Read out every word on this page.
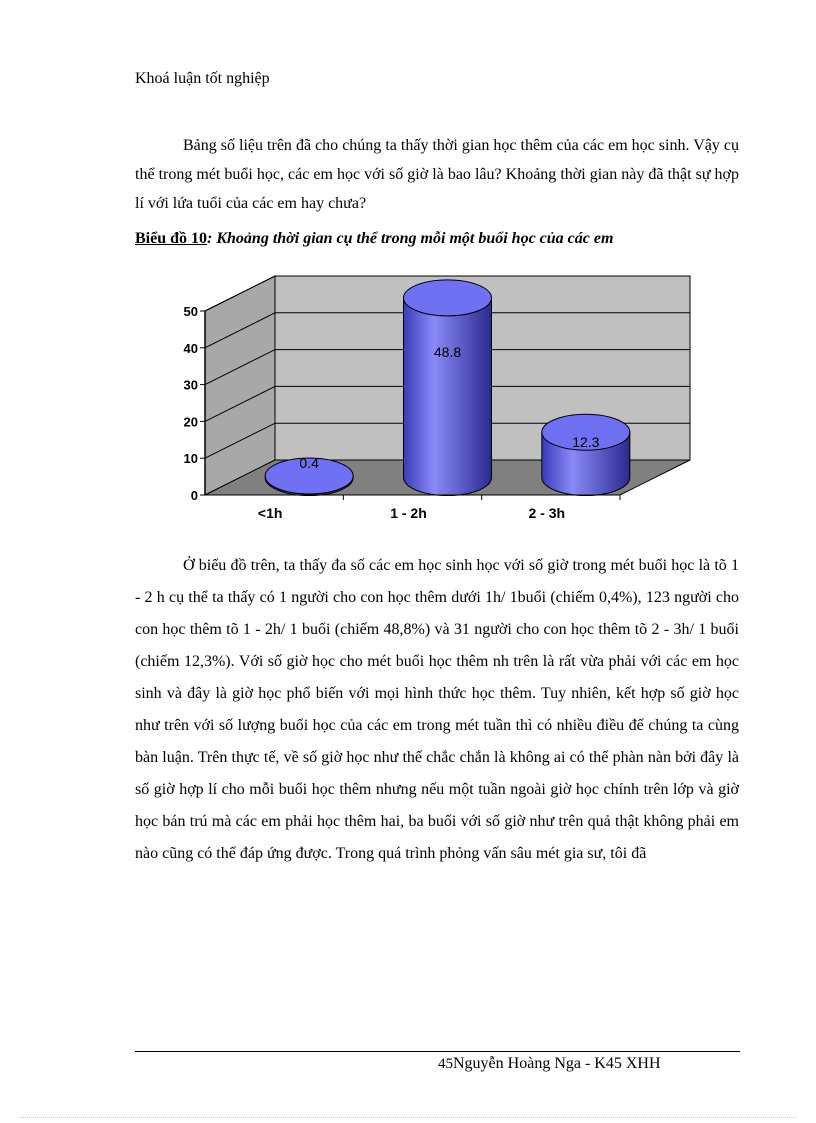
Khoá luận tốt nghiệp

Bảng số liệu trên đã cho chúng ta thấy thời gian học thêm của các em học sinh. Vậy cụ thể trong mét buổi học, các em học với số giờ là bao lâu? Khoảng thời gian này đã thật sự hợp lí với lứa tuổi của các em hay chưa?

Biểu đồ 10: Khoảng thời gian cụ thể trong mỗi một buổi học của các em
0.4
48.8
12.3
0
10
20
30
40
50
<1h	1 - 2h	2 - 3h

Ở biểu đồ trên, ta thấy đa số các em học sinh học với số giờ trong mét buổi học là tõ 1 - 2 h cụ thể ta thấy có 1 người cho con học thêm dưới 1h/ 1buổi (chiếm 0,4%), 123 người cho con học thêm tõ 1 - 2h/ 1 buổi (chiếm 48,8%) và 31 người cho con học thêm tõ 2 - 3h/ 1 buổi (chiếm 12,3%). Với số giờ học cho mét buổi học thêm nh trên là rất vừa phải với các em học sinh và đây là giờ học phổ biến với mọi hình thức học thêm. Tuy nhiên, kết hợp số giờ học như trên với số lượng buổi học của các em trong mét tuần thì có nhiều điều để chúng ta cùng bàn luận. Trên thực tế, về số giờ học như thế chắc chắn là không ai có thể phàn nàn bởi đây là số giờ hợp lí cho mỗi buổi học thêm nhưng nếu một tuần ngoài giờ học chính trên lớp và giờ học bán trú mà các em phải học thêm hai, ba buổi với số giờ như trên quả thật không phải em nào cũng có thể đáp ứng được. Trong quá trình phỏng vấn sâu mét gia sư, tôi đã

45Nguyễn Hoàng Nga - K45 XHH
